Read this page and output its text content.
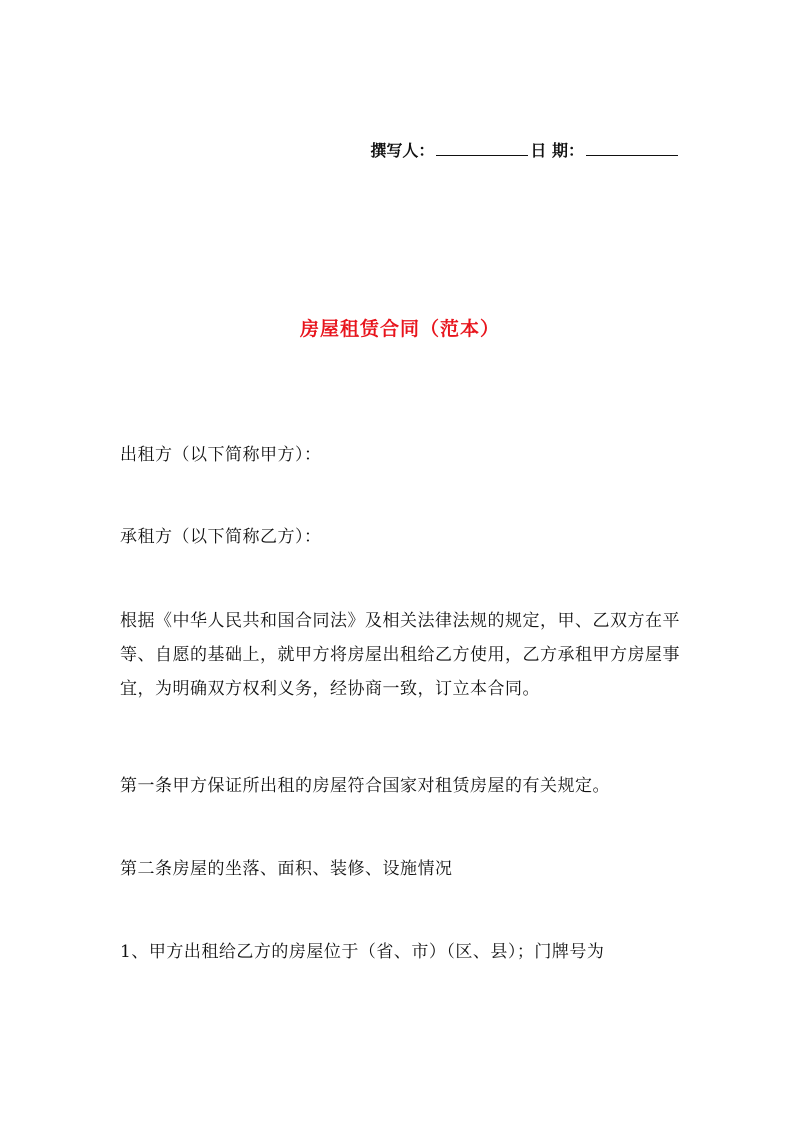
撰写人：	日 期：
房屋租赁合同（范本）
出租方（以下简称甲方）：
承租方（以下简称乙方）：
根据《中华人民共和国合同法》及相关法律法规的规定，甲、乙双方在平等、自愿的基础上，就甲方将房屋出租给乙方使用，乙方承租甲方房屋事宜，为明确双方权利义务，经协商一致，订立本合同。
第一条甲方保证所出租的房屋符合国家对租赁房屋的有关规定。
第二条房屋的坐落、面积、装修、设施情况
1、甲方出租给乙方的房屋位于（省、市）（区、县）；门牌号为
